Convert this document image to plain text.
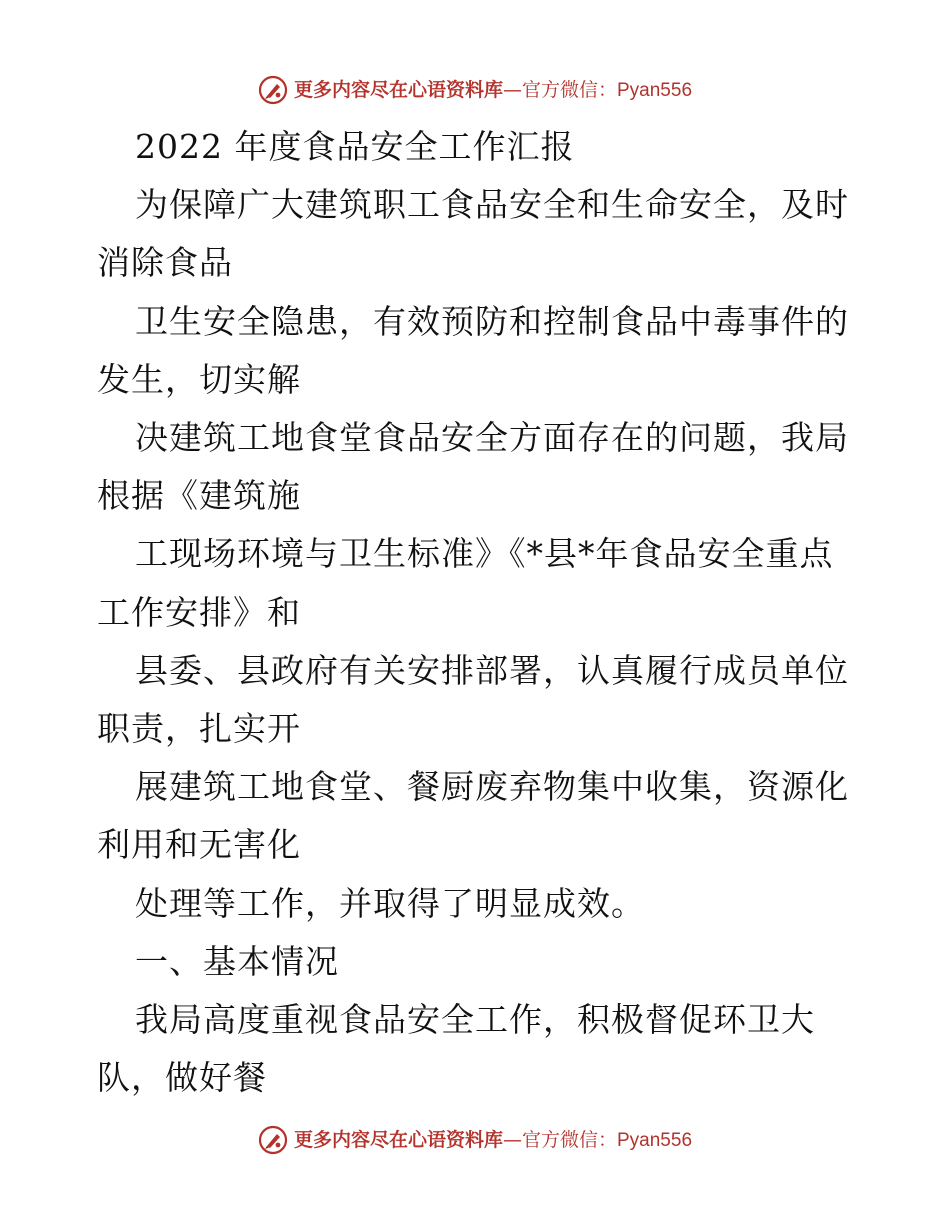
更多内容尽在心语资料库 —官方微信： Pyan556

2022 年度食品安全工作汇报

为保障广大建筑职工食品安全和生命安全，及时

消除食品

卫生安全隐患，有效预防和控制食品中毒事件的

发生，切实解

决建筑工地食堂食品安全方面存在的问题，我局

根据《建筑施

工现场环境与卫生标准》《*县*年食品安全重点

工作安排》和

县委、县政府有关安排部署，认真履行成员单位

职责，扎实开

展建筑工地食堂、餐厨废弃物集中收集，资源化

利用和无害化

处理等工作，并取得了明显成效。

一、基本情况

我局高度重视食品安全工作，积极督促环卫大

队，做好餐

更多内容尽在心语资料库 —官方微信： Pyan556
